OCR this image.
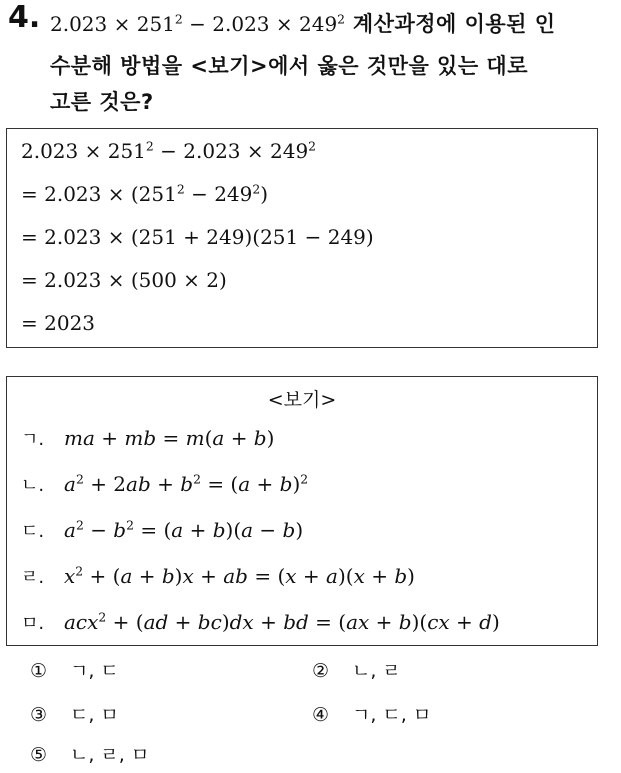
4. $2.023 \times 251^2 - 2.023 \times 249^2$ 계산과정에 이용된 인
수분해 방법을 <보기>에서 옳은 것만을 있는 대로
고른 것은?
$2.023 \times 251^2 - 2.023 \times 249^2$
= $2.023 \times (251^2 - 249^2)$
= 2.023 × (251 + 249)(251 − 249)
= 2.023 × (500 × 2)
= 2023
<보기>
ㄱ. ma + mb = m(a + b)
ㄴ. $a^2 + 2ab + b^2 = (a + b)^2$
ㄷ. $a^2 - b^2 = (a + b)(a - b)$
ㄹ. $x^2 + (a + b)x$ + ab = (x + a)(x + b)
ㅁ. acx$^2$ + (ad + bc)dx + bd = (ax + b)(cx + d)
① ㄱ, ㄷ	② ㄴ, ㄹ
③ ㄷ, ㅁ	④ ㄱ, ㄷ, ㅁ
⑤ ㄴ, ㄹ, ㅁ
